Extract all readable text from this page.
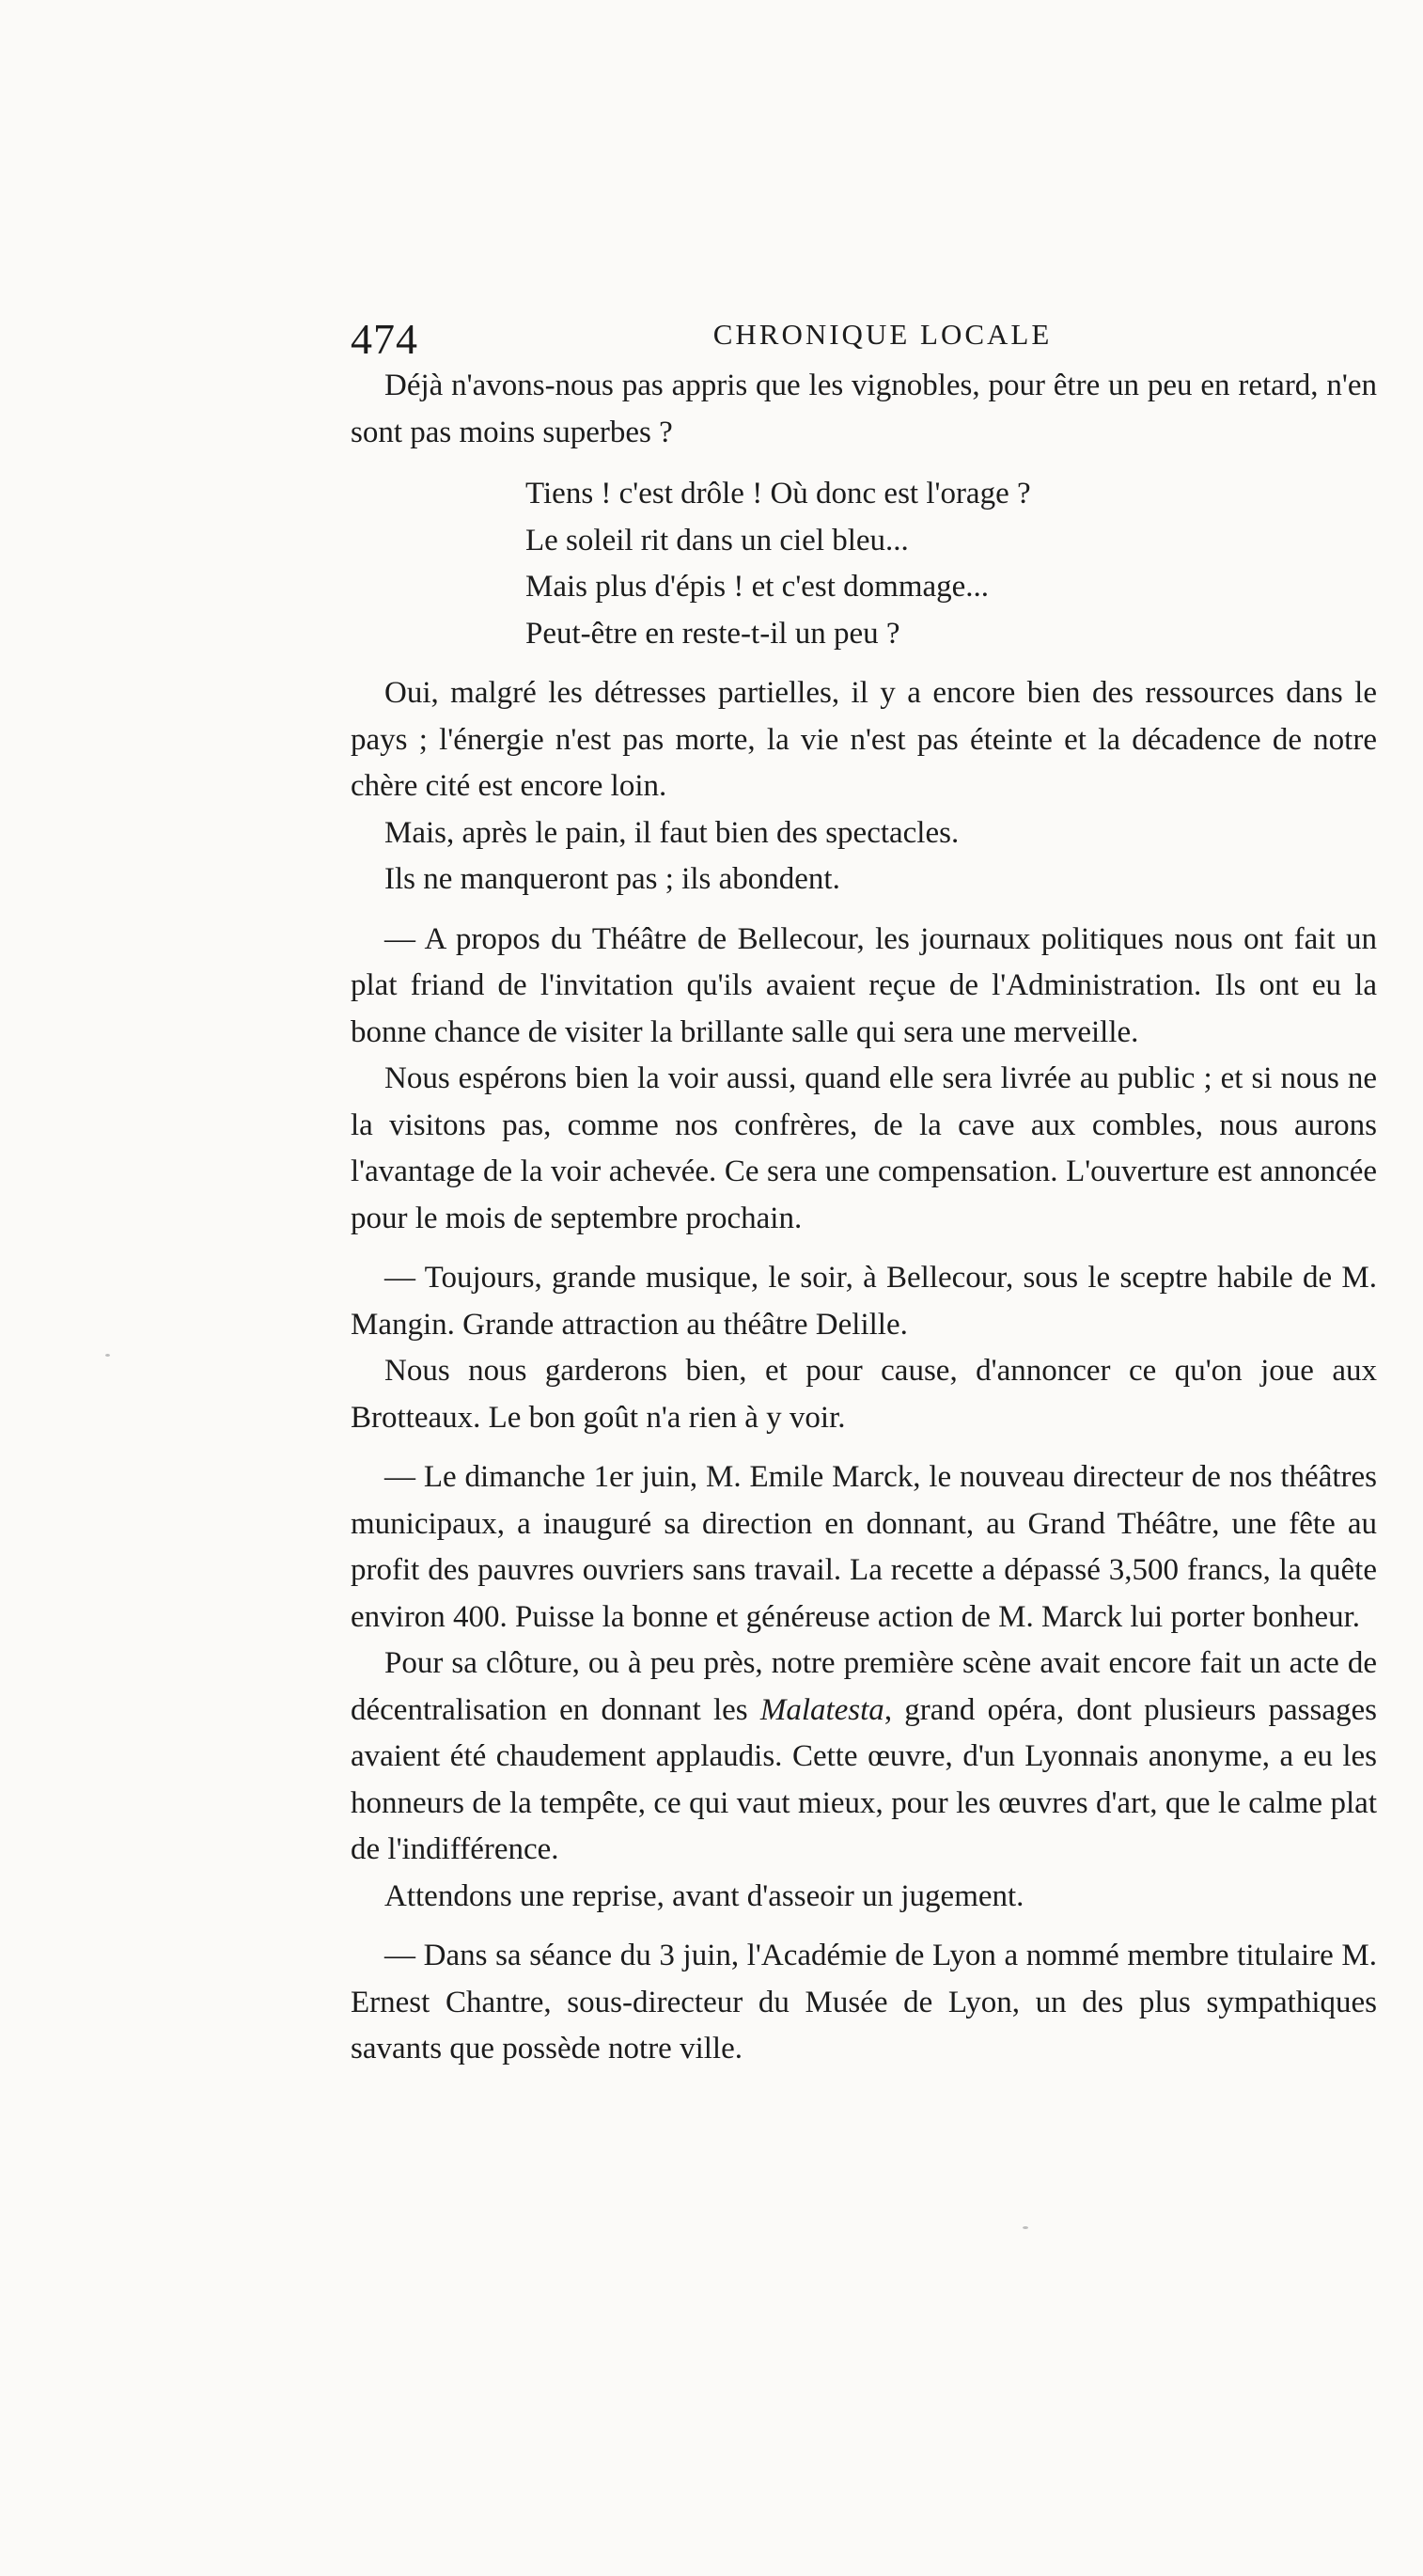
474	CHRONIQUE LOCALE

Déjà n'avons-nous pas appris que les vignobles, pour être un peu en retard, n'en sont pas moins superbes ?

Tiens ! c'est drôle ! Où donc est l'orage ?
Le soleil rit dans un ciel bleu...
Mais plus d'épis ! et c'est dommage...
Peut-être en reste-t-il un peu ?

Oui, malgré les détresses partielles, il y a encore bien des ressources dans le pays ; l'énergie n'est pas morte, la vie n'est pas éteinte et la décadence de notre chère cité est encore loin.

Mais, après le pain, il faut bien des spectacles.

Ils ne manqueront pas ; ils abondent.

— A propos du Théâtre de Bellecour, les journaux politiques nous ont fait un plat friand de l'invitation qu'ils avaient reçue de l'Administration. Ils ont eu la bonne chance de visiter la brillante salle qui sera une merveille.

Nous espérons bien la voir aussi, quand elle sera livrée au public ; et si nous ne la visitons pas, comme nos confrères, de la cave aux combles, nous aurons l'avantage de la voir achevée. Ce sera une compensation. L'ouverture est annoncée pour le mois de septembre prochain.

— Toujours, grande musique, le soir, à Bellecour, sous le sceptre habile de M. Mangin. Grande attraction au théâtre Delille.

Nous nous garderons bien, et pour cause, d'annoncer ce qu'on joue aux Brotteaux. Le bon goût n'a rien à y voir.

— Le dimanche 1er juin, M. Emile Marck, le nouveau directeur de nos théâtres municipaux, a inauguré sa direction en donnant, au Grand Théâtre, une fête au profit des pauvres ouvriers sans travail. La recette a dépassé 3,500 francs, la quête environ 400. Puisse la bonne et généreuse action de M. Marck lui porter bonheur.

Pour sa clôture, ou à peu près, notre première scène avait encore fait un acte de décentralisation en donnant les Malatesta, grand opéra, dont plusieurs passages avaient été chaudement applaudis. Cette œuvre, d'un Lyonnais anonyme, a eu les honneurs de la tempête, ce qui vaut mieux, pour les œuvres d'art, que le calme plat de l'indifférence.

Attendons une reprise, avant d'asseoir un jugement.

— Dans sa séance du 3 juin, l'Académie de Lyon a nommé membre titulaire M. Ernest Chantre, sous-directeur du Musée de Lyon, un des plus sympathiques savants que possède notre ville.
